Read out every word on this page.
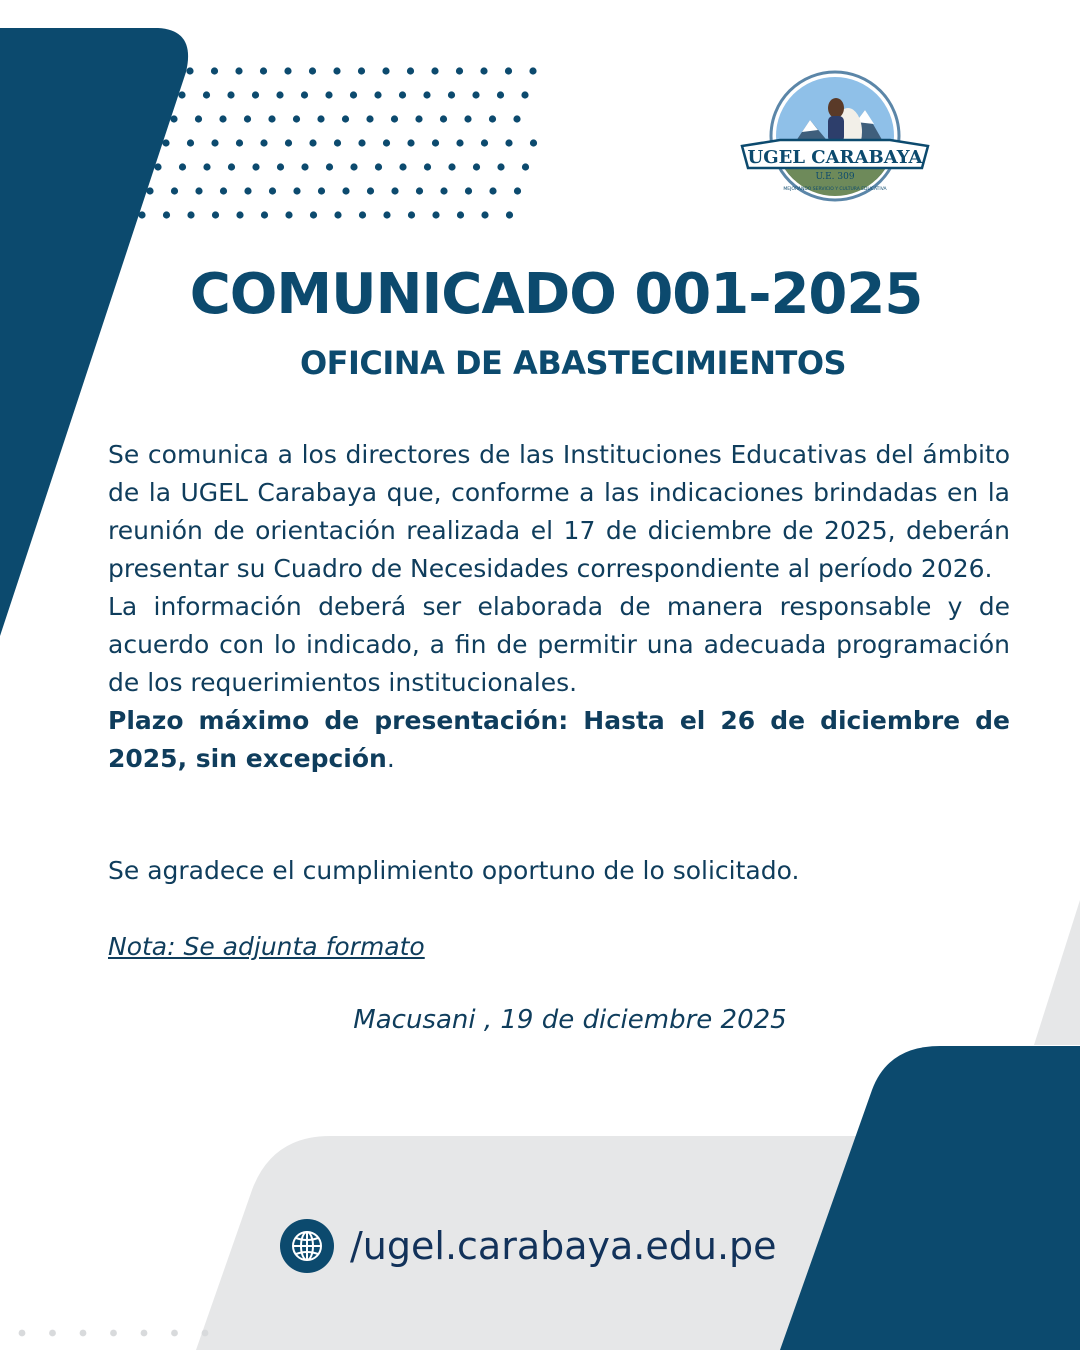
UGEL CARABAYA
U.E. 309
MEJORANDO SERVICIO Y CULTURA EDUCATIVA
COMUNICADO 001-2025
OFICINA DE ABASTECIMIENTOS

Se comunica a los directores de las Instituciones Educativas del ámbito de la UGEL Carabaya que, conforme a las indicaciones brindadas en la reunión de orientación realizada el 17 de diciembre de 2025, deberán presentar su Cuadro de Necesidades correspondiente al período 2026.

La información deberá ser elaborada de manera responsable y de acuerdo con lo indicado, a fin de permitir una adecuada programación de los requerimientos institucionales.

Plazo máximo de presentación: Hasta el 26 de diciembre de 2025, sin excepción.

Se agradece el cumplimiento oportuno de lo solicitado.

Nota: Se adjunta formato

Macusani , 19 de diciembre 2025

/ugel.carabaya.edu.pe
